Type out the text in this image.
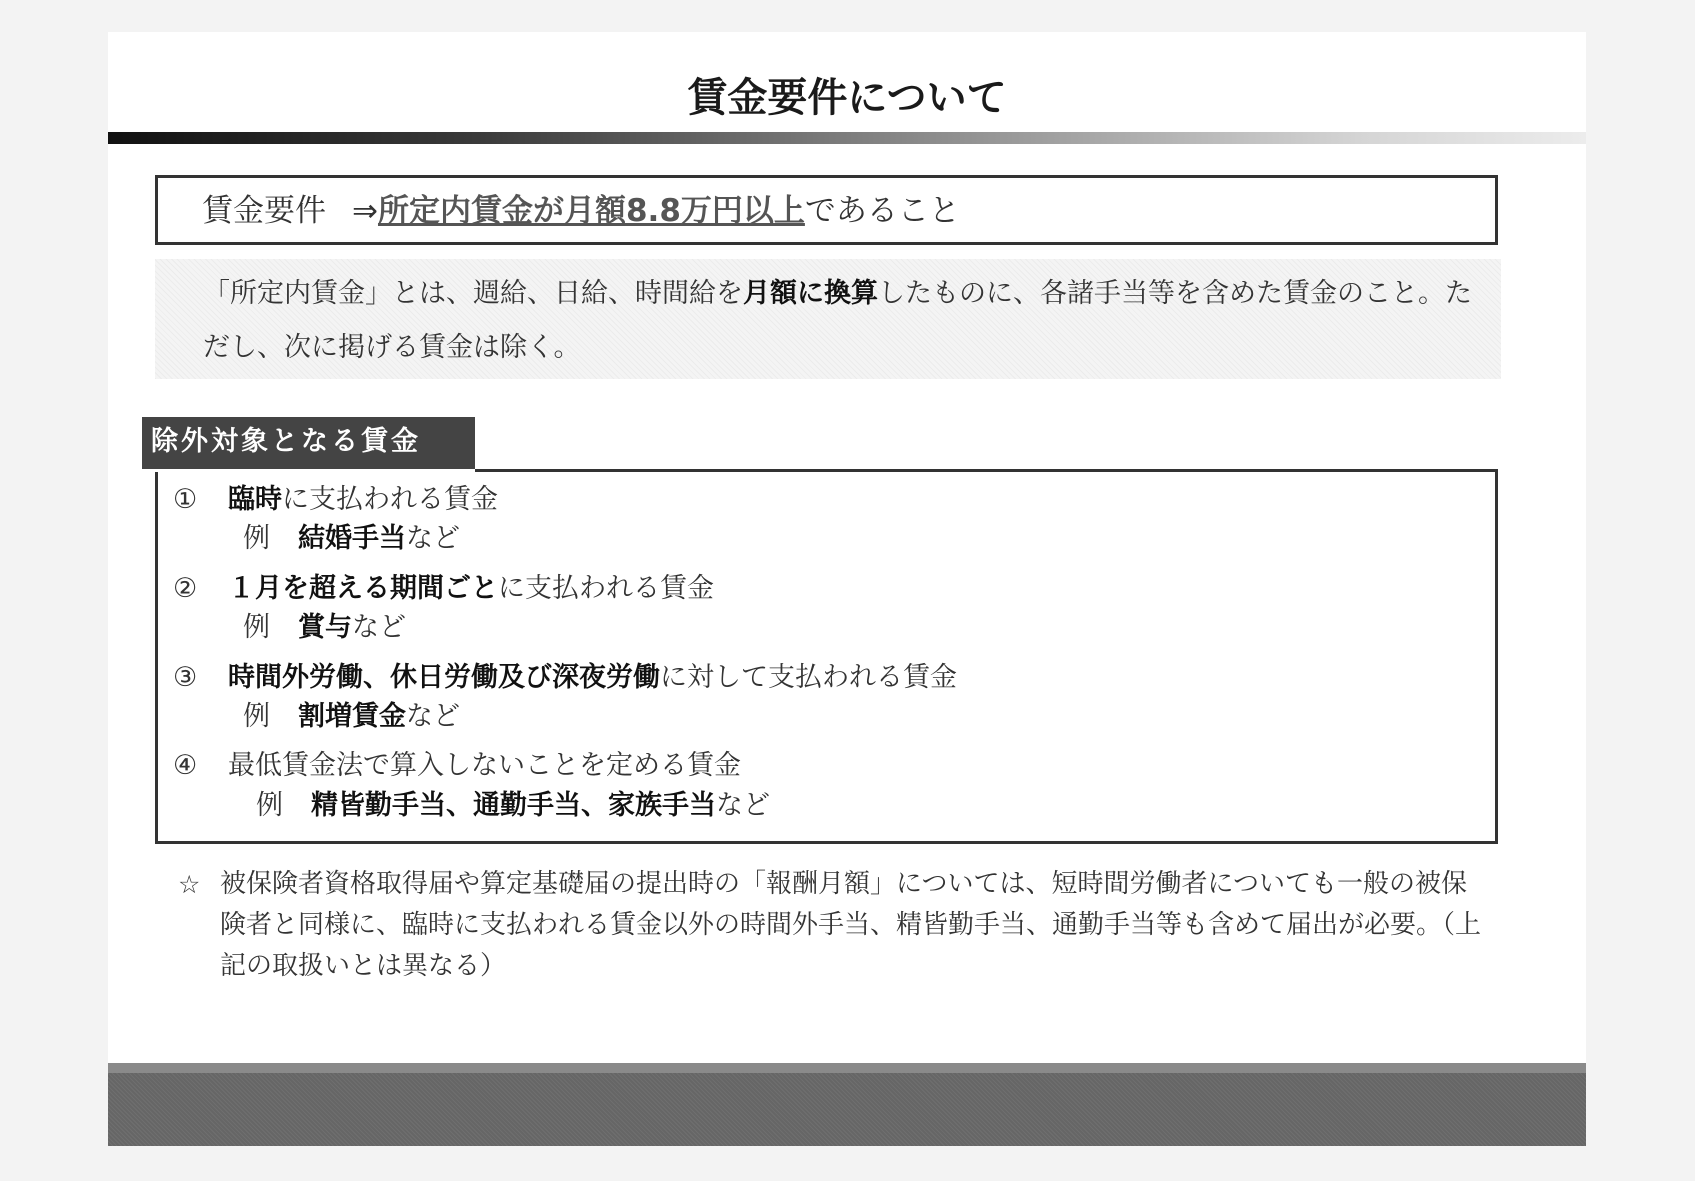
賃金要件について
賃金要件 ⇒所定内賃金が月額8.8万円以上であること
「所定内賃金」とは、週給、日給、時間給を月額に換算したものに、各諸手当等を含めた賃金のこと。ただし、次に掲げる賃金は除く。
① 臨時に支払われる賃金
例 結婚手当など
② １月を超える期間ごとに支払われる賃金
例 賞与など
③ 時間外労働、休日労働及び深夜労働に対して支払われる賃金
例 割増賃金など
④ 最低賃金法で算入しないことを定める賃金
例 精皆勤手当、通勤手当、家族手当など
除外対象となる賃金
☆ 被保険者資格取得届や算定基礎届の提出時の「報酬月額」については、短時間労働者についても一般の被保険者と同様に、臨時に支払われる賃金以外の時間外手当、精皆勤手当、通勤手当等も含めて届出が必要。（上記の取扱いとは異なる）
